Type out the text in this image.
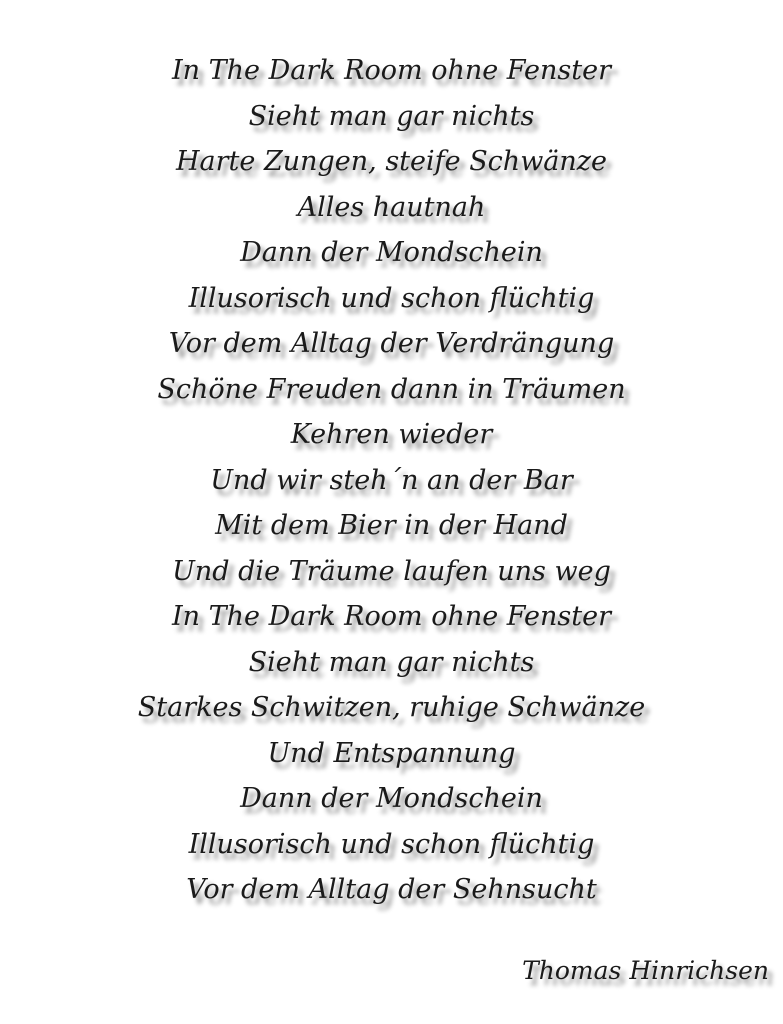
In The Dark Room ohne Fenster
Sieht man gar nichts
Harte Zungen, steife Schwänze
Alles hautnah
Dann der Mondschein
Illusorisch und schon flüchtig
Vor dem Alltag der Verdrängung
Schöne Freuden dann in Träumen
Kehren wieder
Und wir steh´n an der Bar
Mit dem Bier in der Hand
Und die Träume laufen uns weg
In The Dark Room ohne Fenster
Sieht man gar nichts
Starkes Schwitzen, ruhige Schwänze
Und Entspannung
Dann der Mondschein
Illusorisch und schon flüchtig
Vor dem Alltag der Sehnsucht
Thomas Hinrichsen
